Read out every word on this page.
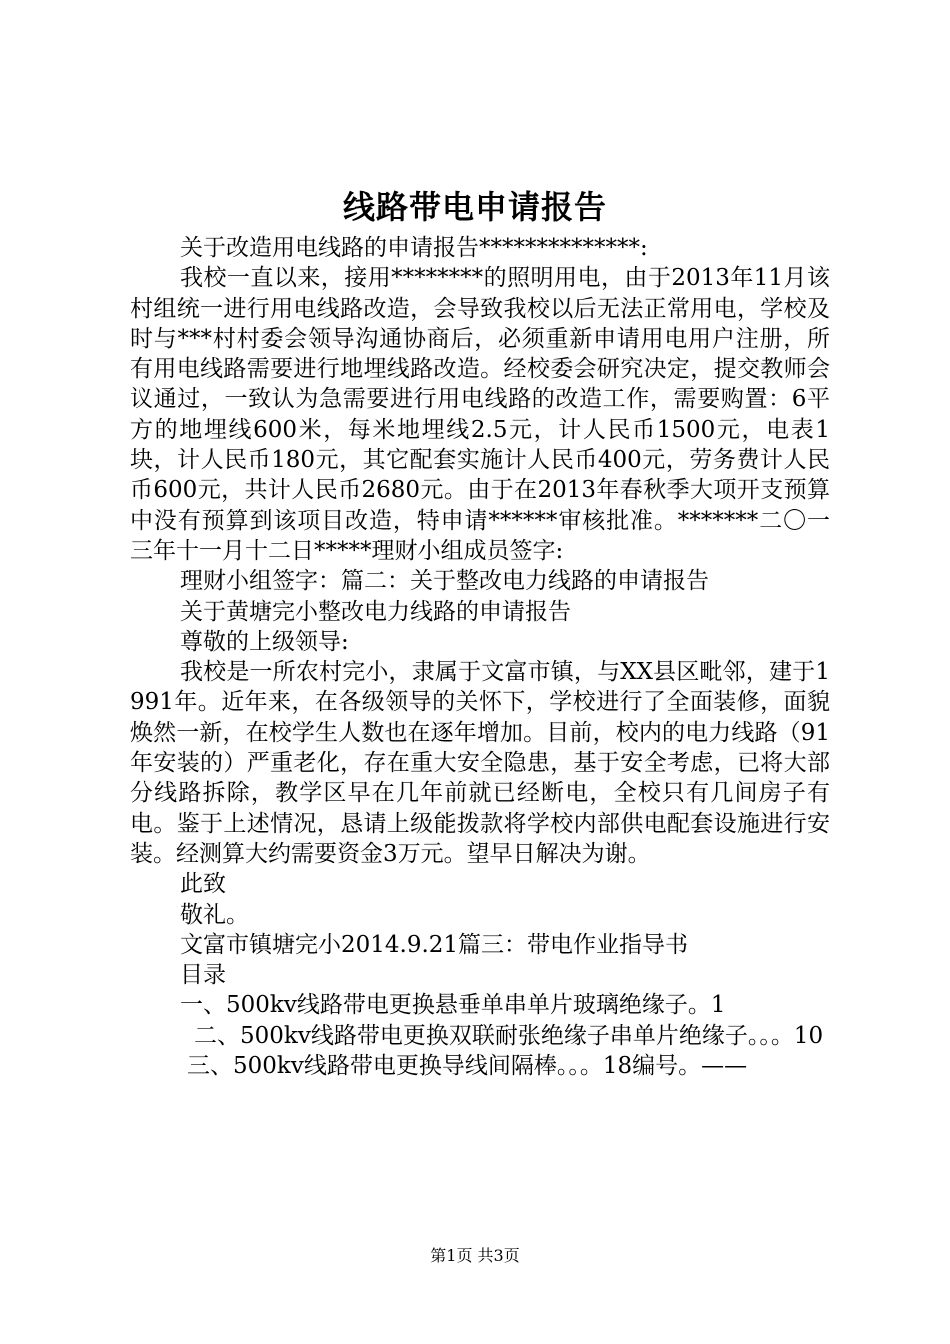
线路带电申请报告

关于改造用电线路的申请报告**************:

我校一直以来，接用********的照明用电，由于2013年11月该村组统一进行用电线路改造，会导致我校以后无法正常用电，学校及时与***村村委会领导沟通协商后，必须重新申请用电用户注册，所有用电线路需要进行地埋线路改造。经校委会研究决定，提交教师会议通过，一致认为急需要进行用电线路的改造工作，需要购置：6平方的地埋线600米，每米地埋线2.5元，计人民币1500元，电表1块，计人民币180元，其它配套实施计人民币400元，劳务费计人民币600元，共计人民币2680元。由于在2013年春秋季大项开支预算中没有预算到该项目改造，特申请******审核批准。*******二〇一三年十一月十二日*****理财小组成员签字:

理财小组签字：篇二：关于整改电力线路的申请报告

关于黄塘完小整改电力线路的申请报告

尊敬的上级领导:

我校是一所农村完小，隶属于文富市镇，与XX县区毗邻，建于1991年。近年来，在各级领导的关怀下，学校进行了全面装修，面貌焕然一新，在校学生人数也在逐年增加。目前，校内的电力线路（91年安装的）严重老化，存在重大安全隐患，基于安全考虑，已将大部分线路拆除，教学区早在几年前就已经断电，全校只有几间房子有电。鉴于上述情况，恳请上级能拨款将学校内部供电配套设施进行安装。经测算大约需要资金3万元。望早日解决为谢。

此致

敬礼。

文富市镇塘完小2014.9.21篇三：带电作业指导书

目录

一、500kv线路带电更换悬垂单串单片玻璃绝缘子。1

二、500kv线路带电更换双联耐张绝缘子串单片绝缘子。。。10

三、500kv线路带电更换导线间隔棒。。。18编号。——

第1页 共3页
